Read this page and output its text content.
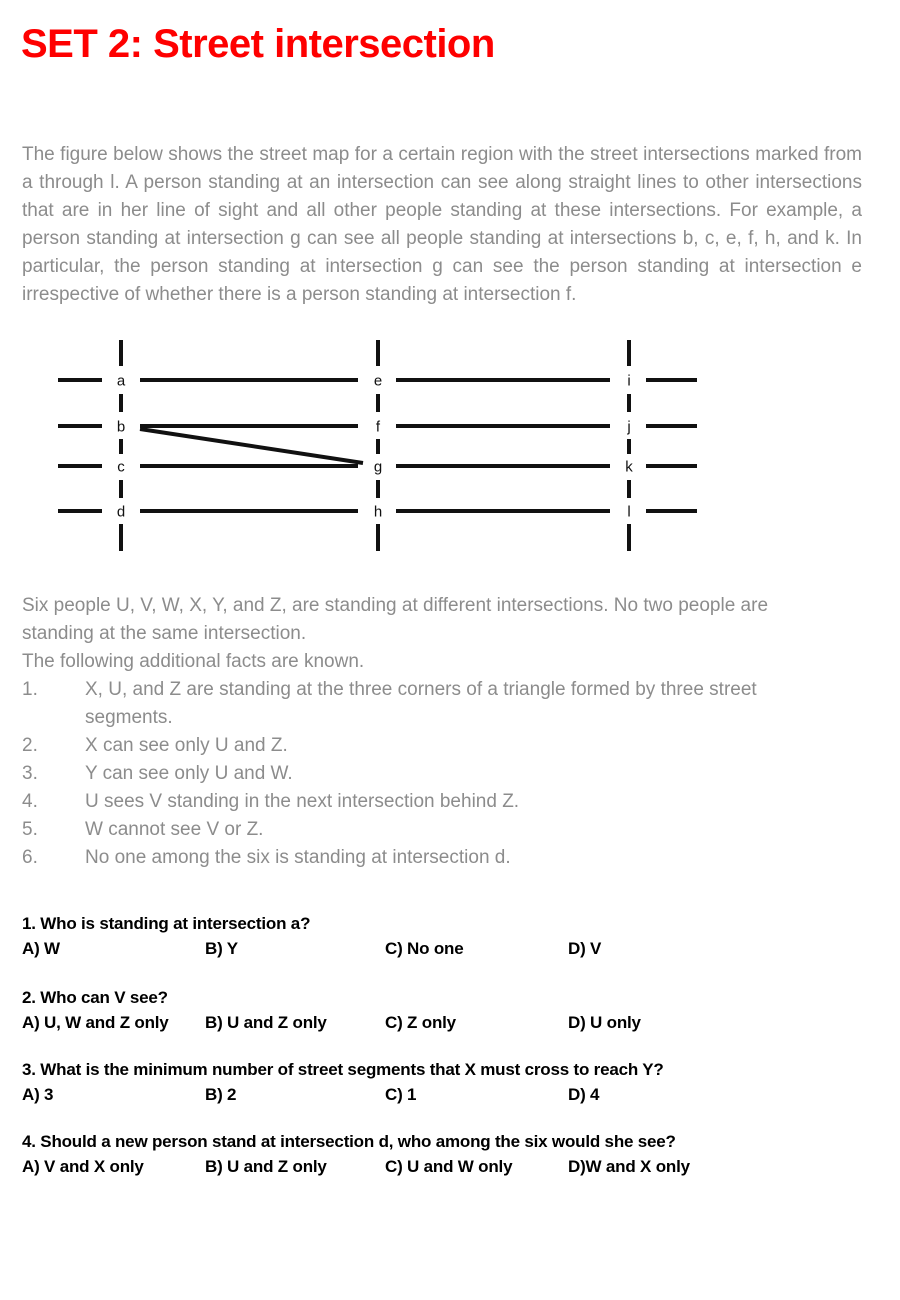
SET 2: Street intersection

The figure below shows the street map for a certain region with the street intersections marked from a through l. A person standing at an intersection can see along straight lines to other intersections that are in her line of sight and all other people standing at these intersections. For example, a person standing at intersection g can see all people standing at intersections b, c, e, f, h, and k. In particular, the person standing at intersection g can see the person standing at intersection e irrespective of whether there is a person standing at intersection f.

a
b
c
d
e
f
g
h
i
j
k
l

Six people U, V, W, X, Y, and Z, are standing at different intersections. No two people are standing at the same intersection.

The following additional facts are known.

1.	X, U, and Z are standing at the three corners of a triangle formed by three street segments.
2.	X can see only U and Z.
3.	Y can see only U and W.
4.	U sees V standing in the next intersection behind Z.
5.	W cannot see V or Z.
6.	No one among the six is standing at intersection d.

1. Who is standing at intersection a?

A) W	B) Y	C) No one	D) V

2. Who can V see?

A) U, W and Z only	B) U and Z only	C) Z only	D) U only

3. What is the minimum number of street segments that X must cross to reach Y?

A) 3	B) 2	C) 1	D) 4

4. Should a new person stand at intersection d, who among the six would she see?

A) V and X only	B) U and Z only	C) U and W only	D)W and X only
